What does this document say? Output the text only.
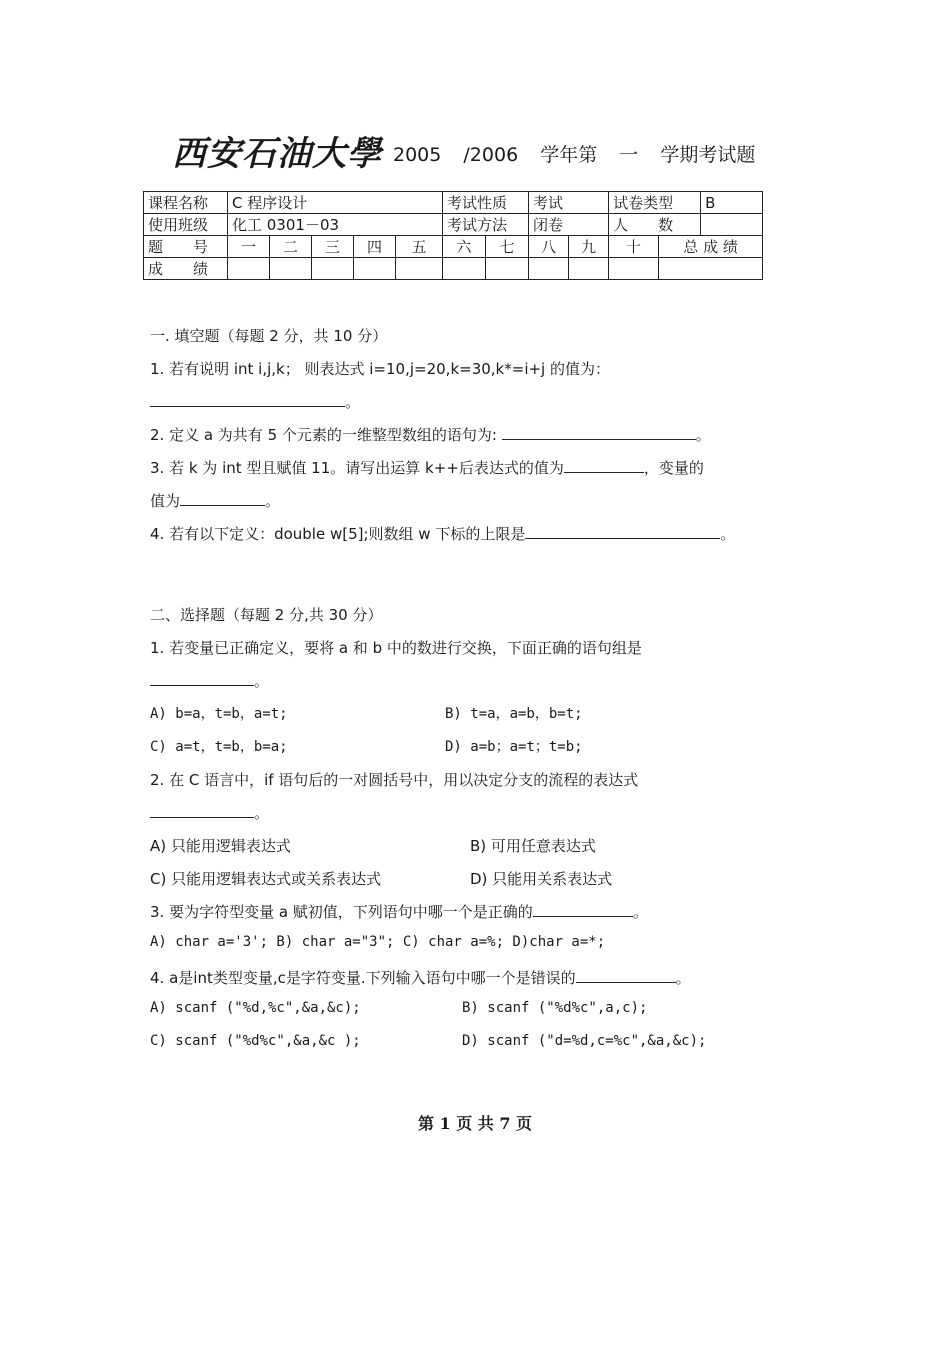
西安石油大學 2005 /2006 学年第 一 学期考试题
课程名称	C 程序设计					考试性质		考试		试卷类型		B
使用班级	化工 0301－03					考试方法		闭卷		人　　数		
题　　号	一	二	三	四	五	六	七	八	九	十	总 成 绩	
成　　绩												
一. 填空题（每题 2 分，共 10 分）
1. 若有说明 int i,j,k； 则表达式 i=10,j=20,k=30,k*=i+j 的值为：
。
2. 定义 a 为共有 5 个元素的一维整型数组的语句为:	。
3. 若 k 为 int 型且赋值 11。请写出运算 k++后表达式的值为	，变量的
值为	。
4. 若有以下定义：double w[5];则数组 w 下标的上限是	。
二、选择题（每题 2 分,共 30 分）
1. 若变量已正确定义，要将 a 和 b 中的数进行交换，下面正确的语句组是
。
A) b=a，t=b，a=t;	B) t=a，a=b，b=t;
C) a=t，t=b，b=a;	D) a=b；a=t；t=b;
2. 在 C 语言中，if 语句后的一对圆括号中，用以决定分支的流程的表达式
。
A) 只能用逻辑表达式	B) 可用任意表达式
C) 只能用逻辑表达式或关系表达式	D) 只能用关系表达式
3. 要为字符型变量 a 赋初值，下列语句中哪一个是正确的	。
A) char a='3'; B) char a="3"; C) char a=%; D)char a=*;
4. a是int类型变量,c是字符变量.下列输入语句中哪一个是错误的	。
A) scanf ("%d,%c",&a,&c);	B) scanf ("%d%c",a,c);
C) scanf ("%d%c",&a,&c );	D) scanf ("d=%d,c=%c",&a,&c);
第 1 页 共 7 页
